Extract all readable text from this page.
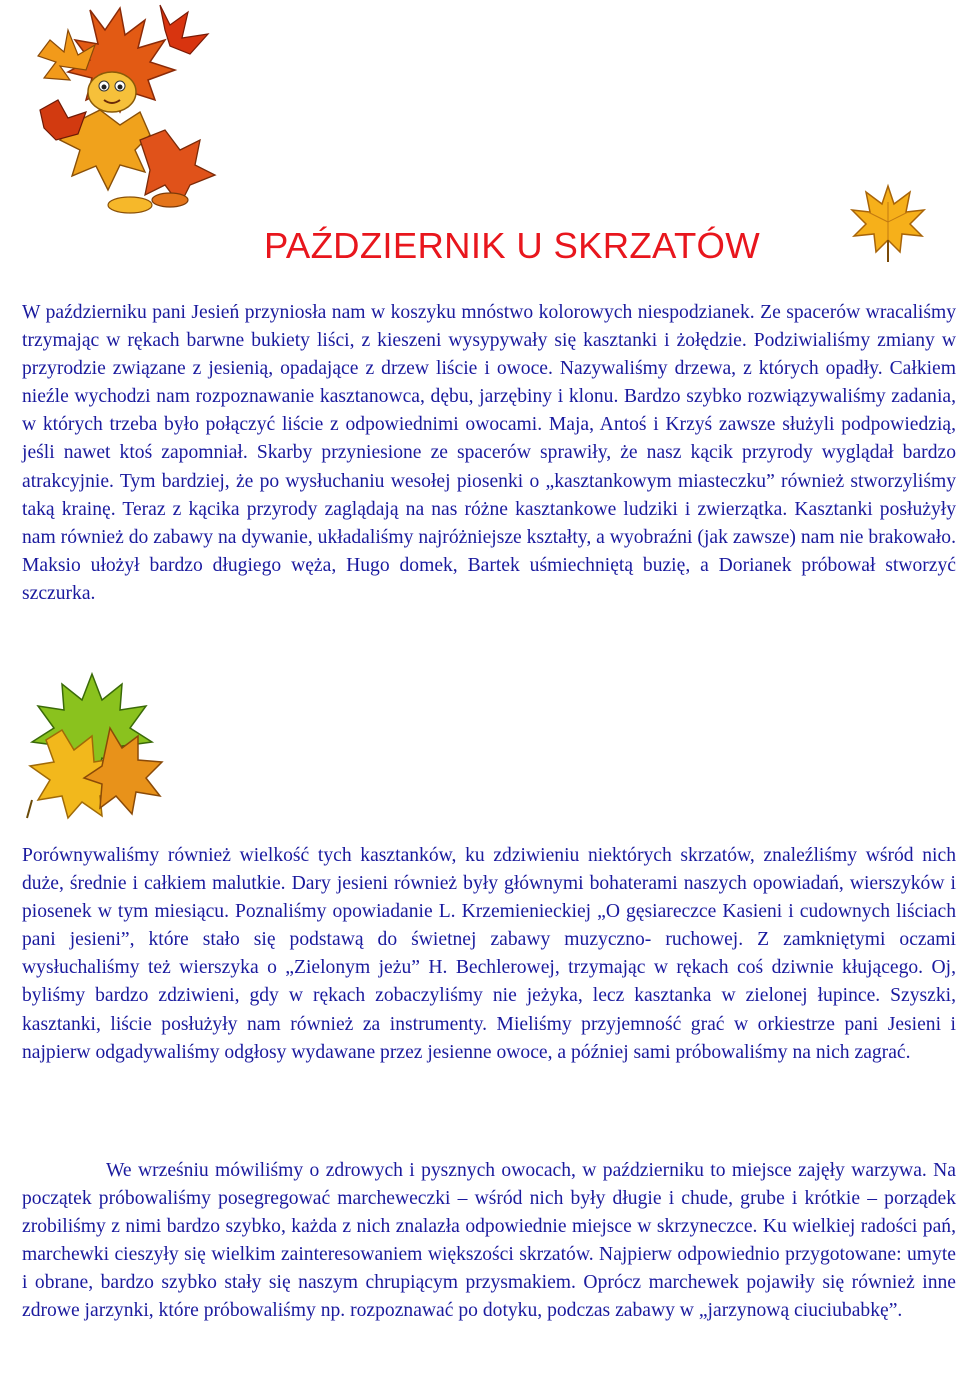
PAŹDZIERNIK U SKRZATÓW

W październiku pani Jesień przyniosła nam w koszyku mnóstwo kolorowych niespodzianek. Ze spacerów wracaliśmy trzymając w rękach barwne bukiety liści, z kieszeni wysypywały się kasztanki i żołędzie. Podziwialiśmy zmiany w przyrodzie związane z jesienią, opadające z drzew liście i owoce. Nazywaliśmy drzewa, z których opadły. Całkiem nieźle wychodzi nam rozpoznawanie kasztanowca, dębu, jarzębiny i klonu. Bardzo szybko rozwiązywaliśmy zadania, w których trzeba było połączyć liście z odpowiednimi owocami. Maja, Antoś i Krzyś zawsze służyli podpowiedzią, jeśli nawet ktoś zapomniał. Skarby przyniesione ze spacerów sprawiły, że nasz kącik przyrody wyglądał bardzo atrakcyjnie. Tym bardziej, że po wysłuchaniu wesołej piosenki o „kasztankowym miasteczku” również stworzyliśmy taką krainę. Teraz z kącika przyrody zaglądają na nas różne kasztankowe ludziki i zwierzątka. Kasztanki posłużyły nam również do zabawy na dywanie, układaliśmy najróżniejsze kształty, a wyobraźni (jak zawsze) nam nie brakowało. Maksio ułożył bardzo długiego węża, Hugo domek, Bartek uśmiechniętą buzię, a Dorianek próbował stworzyć szczurka.

Porównywaliśmy również wielkość tych kasztanków, ku zdziwieniu niektórych skrzatów, znaleźliśmy wśród nich duże, średnie i całkiem malutkie. Dary jesieni również były głównymi bohaterami naszych opowiadań, wierszyków i piosenek w tym miesiącu. Poznaliśmy opowiadanie L. Krzemienieckiej „O gęsiareczce Kasieni i cudownych liściach pani jesieni”, które stało się podstawą do świetnej zabawy muzyczno- ruchowej. Z zamkniętymi oczami wysłuchaliśmy też wierszyka o „Zielonym jeżu” H. Bechlerowej, trzymając w rękach coś dziwnie kłującego. Oj, byliśmy bardzo zdziwieni, gdy w rękach zobaczyliśmy nie jeżyka, lecz kasztanka w zielonej łupince. Szyszki, kasztanki, liście posłużyły nam również za instrumenty. Mieliśmy przyjemność grać w orkiestrze pani Jesieni i najpierw odgadywaliśmy odgłosy wydawane przez jesienne owoce, a później sami próbowaliśmy na nich zagrać.

We wrześniu mówiliśmy o zdrowych i pysznych owocach, w październiku to miejsce zajęły warzywa. Na początek próbowaliśmy posegregować marcheweczki – wśród nich były długie i chude, grube i krótkie – porządek zrobiliśmy z nimi bardzo szybko, każda z nich znalazła odpowiednie miejsce w skrzyneczce. Ku wielkiej radości pań, marchewki cieszyły się wielkim zainteresowaniem większości skrzatów. Najpierw odpowiednio przygotowane: umyte i obrane, bardzo szybko stały się naszym chrupiącym przysmakiem. Oprócz marchewek pojawiły się również inne zdrowe jarzynki, które próbowaliśmy np. rozpoznawać po dotyku, podczas zabawy w „jarzynową ciuciubabkę”.
